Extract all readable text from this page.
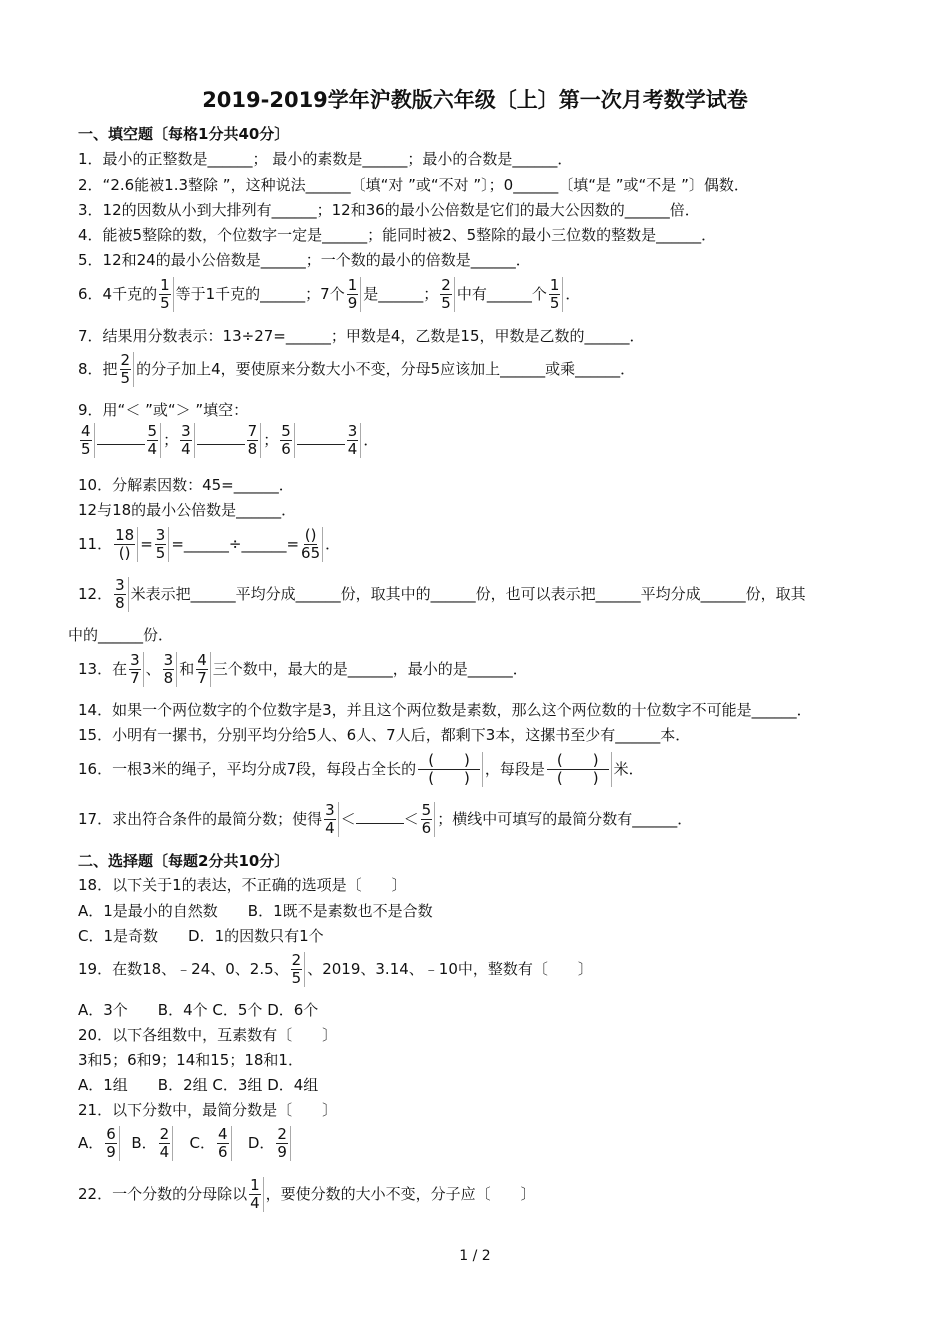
2019-2019学年沪教版六年级〔上〕第一次月考数学试卷
一、填空题〔每格1分共40分〕
1．最小的正整数是______； 最小的素数是______；最小的合数是______．
2．“2.6能被1.3整除 ”，这种说法______〔填“对 ”或“不对 ”〕；0______〔填“是 ”或“不是 ”〕偶数．
3．12的因数从小到大排列有______；12和36的最小公倍数是它们的最大公因数的______倍．
4．能被5整除的数，个位数字一定是______；能同时被2、5整除的最小三位数的整数是______．
5．12和24的最小公倍数是______；一个数的最小的倍数是______．
6．4千克的 $\frac{1}{5}$ 等于1千克的______；7个 $\frac{1}{9}$ 是______； $\frac{2}{5}$ 中有______个 $\frac{1}{5}$ ．
7．结果用分数表示：13÷27=______；甲数是4，乙数是15，甲数是乙数的______．
8．把 $\frac{2}{5}$ 的分子加上4，要使原来分数大小不变，分母5应该加上______或乘______．
9．用“＜ ”或“＞ ”填空：
$\frac{4}{5}$	$\frac{5}{4}$ ； $\frac{3}{4}$	$\frac{7}{8}$ ； $\frac{5}{6}$	$\frac{3}{4}$ ．
10．分解素因数：45=______．
12与18的最小公倍数是______．
11． $\frac{18}{()} = \frac{3}{5}$ =______÷______= $\frac{()}{65}$ ．
12． $\frac{3}{8}$ 米表示把______平均分成______份，取其中的______份，也可以表示把______平均分成______份，取其
中的______份．
13．在 $\frac{3}{7}$ 、 $\frac{3}{8}$ 和 $\frac{4}{7}$ 三个数中，最大的是______，最小的是______．
14．如果一个两位数字的个位数字是3，并且这个两位数是素数，那么这个两位数的十位数字不可能是______．
15．小明有一摞书，分别平均分给5人、6人、7人后，都剩下3本，这摞书至少有______本．
16．一根3米的绳子，平均分成7段，每段占全长的 $\frac{( )}{( )}$ ，每段是 $\frac{( )}{( )}$ 米．
17．求出符合条件的最简分数；使得 $\frac{3}{4}$ ＜	＜ $\frac{5}{6}$ ；横线中可填写的最简分数有______．
二、选择题〔每题2分共10分〕
18．以下关于1的表达，不正确的选项是〔　　〕
A．1是最小的自然数　　B．1既不是素数也不是合数
C．1是奇数　　D．1的因数只有1个
19．在数18、﹣24、0、2.5、 $\frac{2}{5}$ 、2019、3.14、﹣10中，整数有〔　　〕
A．3个　　B．4个 C．5个 D．6个
20．以下各组数中，互素数有〔　　〕
3和5；6和9；14和15；18和1．
A．1组　　B．2组 C．3组 D．4组
21．以下分数中，最简分数是〔　　〕
A． $\frac{6}{9}$ B． $\frac{2}{4}$ C． $\frac{4}{6}$ D． $\frac{2}{9}$
22．一个分数的分母除以 $\frac{1}{4}$ ，要使分数的大小不变，分子应〔　　〕
1 / 2
